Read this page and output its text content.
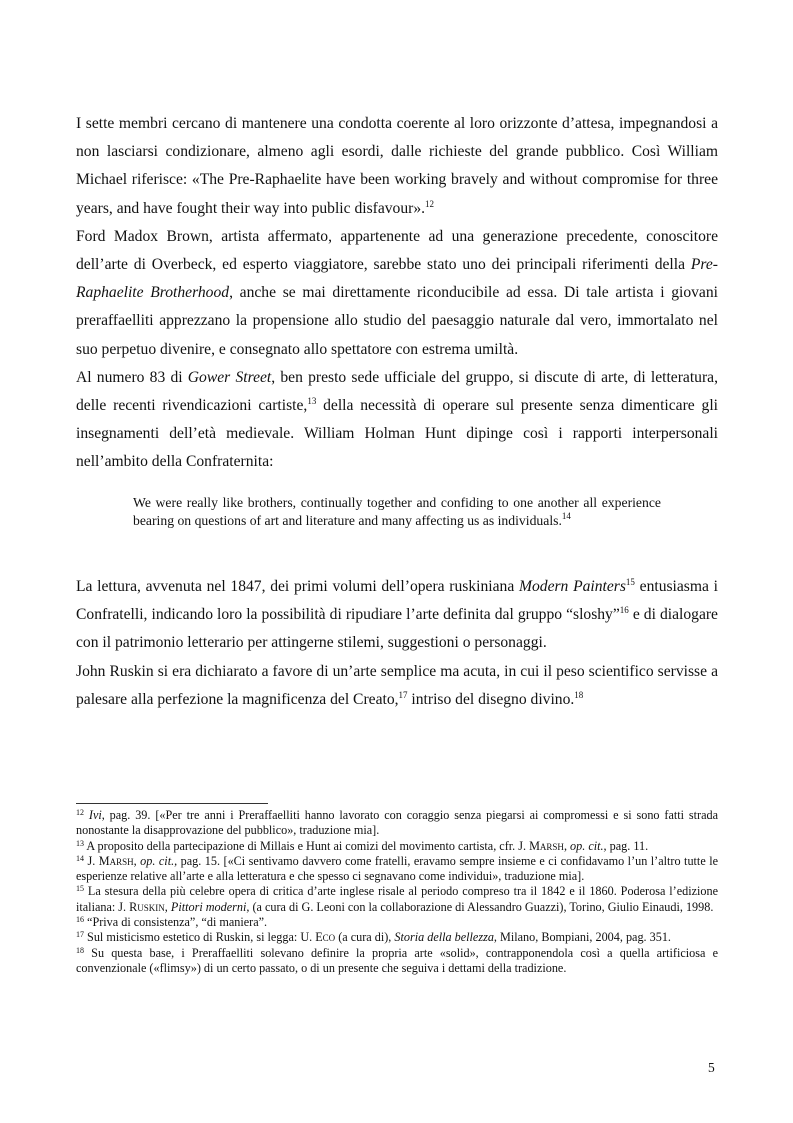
I sette membri cercano di mantenere una condotta coerente al loro orizzonte d’attesa, impegnandosi a non lasciarsi condizionare, almeno agli esordi, dalle richieste del grande pubblico. Così William Michael riferisce: «The Pre-Raphaelite have been working bravely and without compromise for three years, and have fought their way into public disfavour».$^{12}$

Ford Madox Brown, artista affermato, appartenente ad una generazione precedente, conoscitore dell’arte di Overbeck, ed esperto viaggiatore, sarebbe stato uno dei principali riferimenti della Pre-Raphaelite Brotherhood, anche se mai direttamente riconducibile ad essa. Di tale artista i giovani preraffaelliti apprezzano la propensione allo studio del paesaggio naturale dal vero, immortalato nel suo perpetuo divenire, e consegnato allo spettatore con estrema umiltà.

Al numero 83 di Gower Street, ben presto sede ufficiale del gruppo, si discute di arte, di letteratura, delle recenti rivendicazioni cartiste,$^{13}$ della necessità di operare sul presente senza dimenticare gli insegnamenti dell’età medievale. William Holman Hunt dipinge così i rapporti interpersonali nell’ambito della Confraternita:

We were really like brothers, continually together and confiding to one another all experience bearing on questions of art and literature and many affecting us as individuals.$^{14}$

La lettura, avvenuta nel 1847, dei primi volumi dell’opera ruskiniana Modern Painters$^{15}$ entusiasma i Confratelli, indicando loro la possibilità di ripudiare l’arte definita dal gruppo “sloshy”$^{16}$ e di dialogare con il patrimonio letterario per attingerne stilemi, suggestioni o personaggi.

John Ruskin si era dichiarato a favore di un’arte semplice ma acuta, in cui il peso scientifico servisse a palesare alla perfezione la magnificenza del Creato,$^{17}$ intriso del disegno divino.$^{18}$

$^{12}$ Ivi, pag. 39. [«Per tre anni i Preraffaelliti hanno lavorato con coraggio senza piegarsi ai compromessi e si sono fatti strada nonostante la disapprovazione del pubblico», traduzione mia].

$^{13}$ A proposito della partecipazione di Millais e Hunt ai comizi del movimento cartista, cfr. J. Marsh, op. cit., pag. 11.

$^{14}$ J. Marsh, op. cit., pag. 15. [«Ci sentivamo davvero come fratelli, eravamo sempre insieme e ci confidavamo l’un l’altro tutte le esperienze relative all’arte e alla letteratura e che spesso ci segnavano come individui», traduzione mia].

$^{15}$ La stesura della più celebre opera di critica d’arte inglese risale al periodo compreso tra il 1842 e il 1860. Poderosa l’edizione italiana: J. Ruskin, Pittori moderni, (a cura di G. Leoni con la collaborazione di Alessandro Guazzi), Torino, Giulio Einaudi, 1998.

$^{16}$ “Priva di consistenza”, “di maniera”.

$^{17}$ Sul misticismo estetico di Ruskin, si legga: U. Eco (a cura di), Storia della bellezza, Milano, Bompiani, 2004, pag. 351.

$^{18}$ Su questa base, i Preraffaelliti solevano definire la propria arte «solid», contrapponendola così a quella artificiosa e convenzionale («flimsy») di un certo passato, o di un presente che seguiva i dettami della tradizione.

5
